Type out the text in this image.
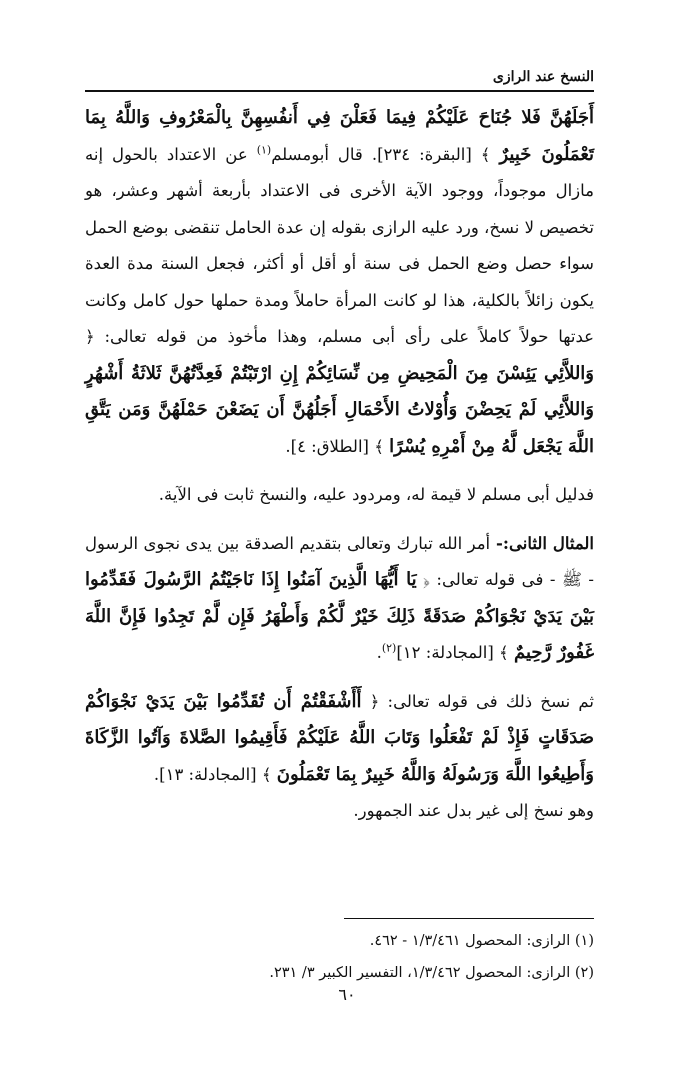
النسخ عند الرازى

أَجَلَهُنَّ فَلا جُنَاحَ عَلَيْكُمْ فِيمَا فَعَلْنَ فِي أَنفُسِهِنَّ بِالْمَعْرُوفِ وَاللَّهُ بِمَا تَعْمَلُونَ خَبِيرٌ ﴾ [البقرة: ٢٣٤]. قال أبومسلم$^{(١)}$ عن الاعتداد بالحول إنه مازال موجوداً، ووجود الآية الأخرى فى الاعتداد بأربعة أشهر وعشر، هو تخصيص لا نسخ، ورد عليه الرازى بقوله إن عدة الحامل تنقضى بوضع الحمل سواء حصل وضع الحمل فى سنة أو أقل أو أكثر، فجعل السنة مدة العدة يكون زائلاً بالكلية، هذا لو كانت المرأة حاملاً ومدة حملها حول كامل وكانت عدتها حولاً كاملاً على رأى أبى مسلم، وهذا مأخوذ من قوله تعالى: ﴿ وَاللاَّئِي يَئِسْنَ مِنَ الْمَحِيضِ مِن نِّسَائِكُمْ إِنِ ارْتَبْتُمْ فَعِدَّتُهُنَّ ثَلاثَةُ أَشْهُرٍ وَاللاَّئِي لَمْ يَحِضْنَ وَأُوْلاتُ الأَحْمَالِ أَجَلُهُنَّ أَن يَضَعْنَ حَمْلَهُنَّ وَمَن يَتَّقِ اللَّهَ يَجْعَل لَّهُ مِنْ أَمْرِهِ يُسْرًا ﴾ [الطلاق: ٤].

فدليل أبى مسلم لا قيمة له، ومردود عليه، والنسخ ثابت فى الآية.

المثال الثانى:- أمر الله تبارك وتعالى بتقديم الصدقة بين يدى نجوى الرسول - ﷺ - فى قوله تعالى: ﴿ يَا أَيُّهَا الَّذِينَ آمَنُوا إِذَا نَاجَيْتُمُ الرَّسُولَ فَقَدِّمُوا بَيْنَ يَدَيْ نَجْوَاكُمْ صَدَقَةً ذَلِكَ خَيْرٌ لَّكُمْ وَأَطْهَرُ فَإِن لَّمْ تَجِدُوا فَإِنَّ اللَّهَ غَفُورٌ رَّحِيمٌ ﴾ [المجادلة: ١٢]$^{(٢)}$.

ثم نسخ ذلك فى قوله تعالى: ﴿ أَأَشْفَقْتُمْ أَن تُقَدِّمُوا بَيْنَ يَدَيْ نَجْوَاكُمْ صَدَقَاتٍ فَإِذْ لَمْ تَفْعَلُوا وَتَابَ اللَّهُ عَلَيْكُمْ فَأَقِيمُوا الصَّلاةَ وَآتُوا الزَّكَاةَ وَأَطِيعُوا اللَّهَ وَرَسُولَهُ وَاللَّهُ خَبِيرٌ بِمَا تَعْمَلُونَ ﴾ [المجادلة: ١٣].

وهو نسخ إلى غير بدل عند الجمهور.

(١) الرازى: المحصول ١/٣/٤٦١ - ٤٦٢.

(٢) الرازى: المحصول ١/٣/٤٦٢، التفسير الكبير ٣/ ٢٣١.

٦٠
